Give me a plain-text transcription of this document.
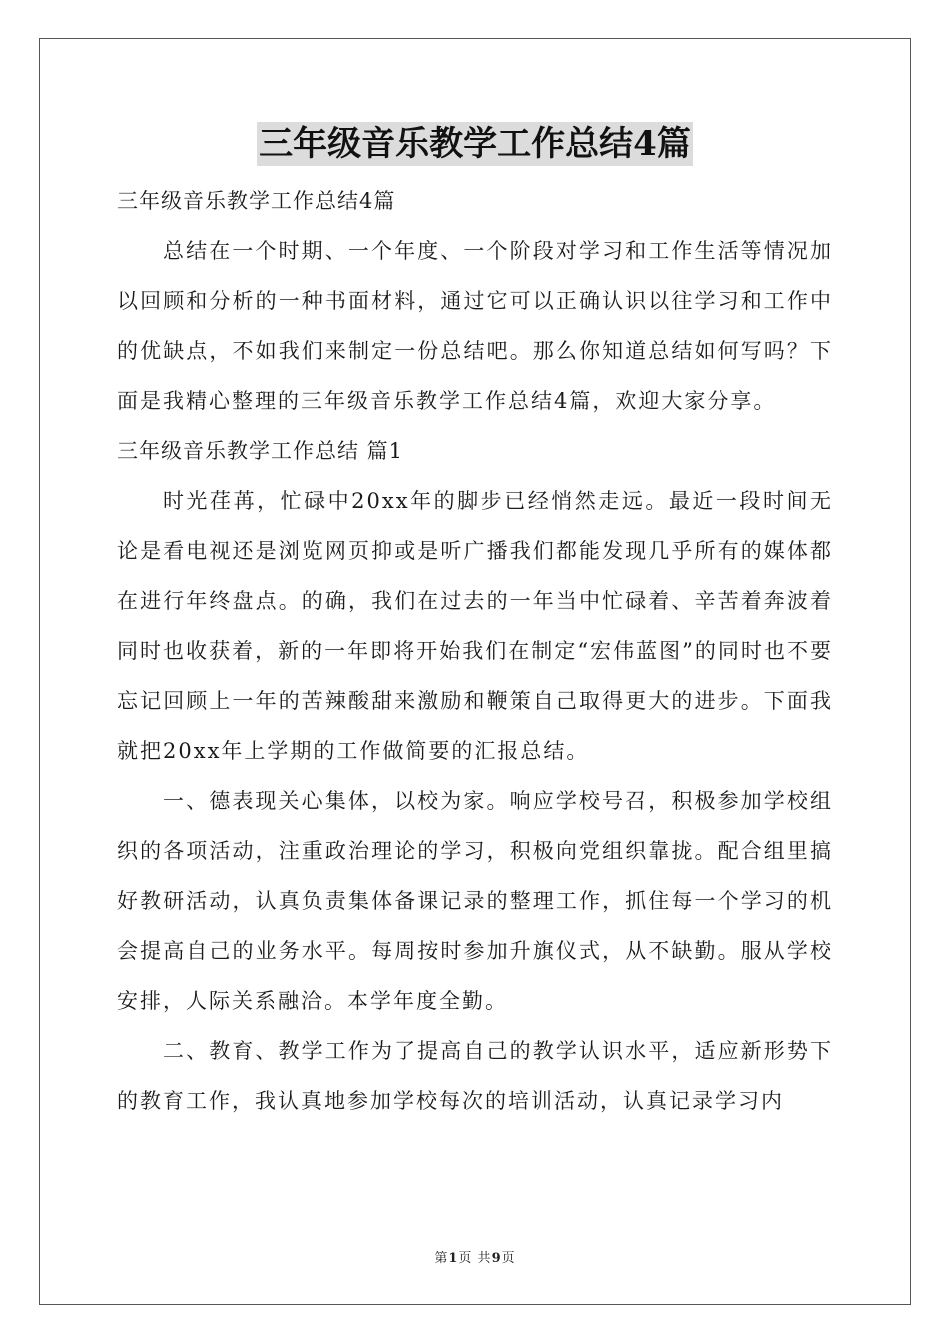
三年级音乐教学工作总结4篇

三年级音乐教学工作总结4篇

总结在一个时期、一个年度、一个阶段对学习和工作生活等情况加以回顾和分析的一种书面材料，通过它可以正确认识以往学习和工作中的优缺点，不如我们来制定一份总结吧。那么你知道总结如何写吗？下面是我精心整理的三年级音乐教学工作总结4篇，欢迎大家分享。

三年级音乐教学工作总结 篇1

时光荏苒，忙碌中20xx年的脚步已经悄然走远。最近一段时间无论是看电视还是浏览网页抑或是听广播我们都能发现几乎所有的媒体都在进行年终盘点。的确，我们在过去的一年当中忙碌着、辛苦着奔波着同时也收获着，新的一年即将开始我们在制定“宏伟蓝图”的同时也不要忘记回顾上一年的苦辣酸甜来激励和鞭策自己取得更大的进步。下面我就把20xx年上学期的工作做简要的汇报总结。

一、德表现关心集体，以校为家。响应学校号召，积极参加学校组织的各项活动，注重政治理论的学习，积极向党组织靠拢。配合组里搞好教研活动，认真负责集体备课记录的整理工作，抓住每一个学习的机会提高自己的业务水平。每周按时参加升旗仪式，从不缺勤。服从学校安排，人际关系融洽。本学年度全勤。

二、教育、教学工作为了提高自己的教学认识水平，适应新形势下的教育工作，我认真地参加学校每次的培训活动，认真记录学习内

第1页 共9页
